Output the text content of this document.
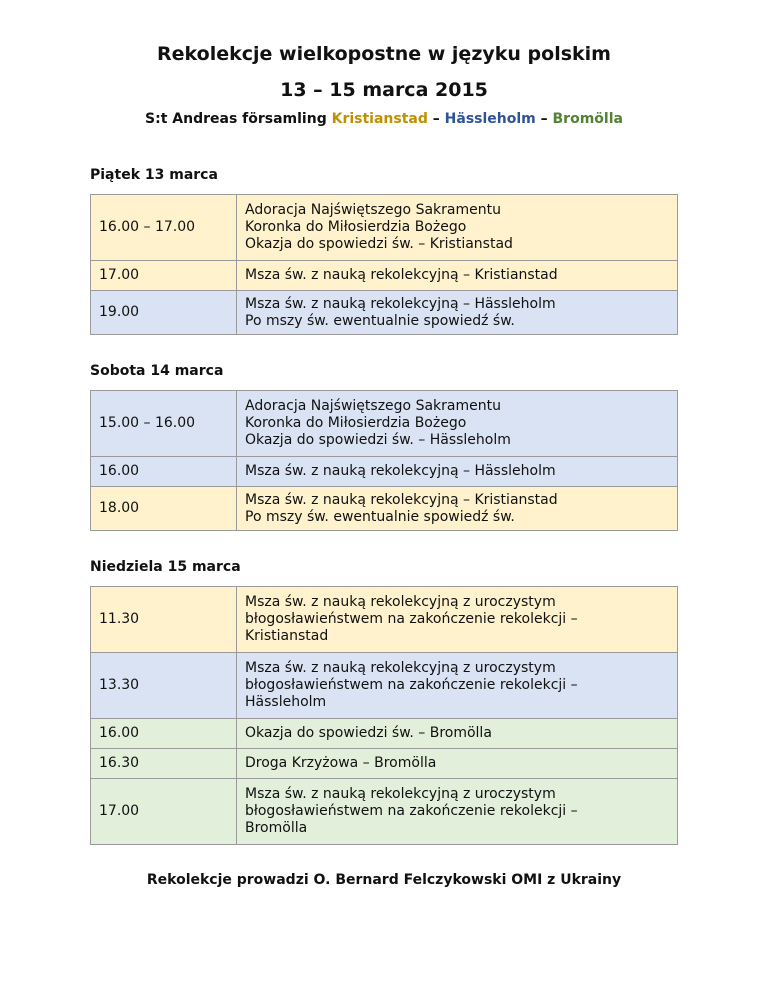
Rekolekcje wielkopostne w języku polskim
13 – 15 marca 2015
S:t Andreas församling Kristianstad – Hässleholm – Bromölla
Piątek 13 marca
16.00 – 17.00	Adoracja Najświętszego Sakramentu
Koronka do Miłosierdzia Bożego
Okazja do spowiedzi św. – Kristianstad

17.00	Msza św. z nauką rekolekcyjną – Kristianstad

19.00	Msza św. z nauką rekolekcyjną – Hässleholm
Po mszy św. ewentualnie spowiedź św.
Sobota 14 marca
15.00 – 16.00	Adoracja Najświętszego Sakramentu
Koronka do Miłosierdzia Bożego
Okazja do spowiedzi św. – Hässleholm

16.00	Msza św. z nauką rekolekcyjną – Hässleholm

18.00	Msza św. z nauką rekolekcyjną – Kristianstad
Po mszy św. ewentualnie spowiedź św.
Niedziela 15 marca
11.30	Msza św. z nauką rekolekcyjną z uroczystym
błogosławieństwem na zakończenie rekolekcji –
Kristianstad

13.30	Msza św. z nauką rekolekcyjną z uroczystym
błogosławieństwem na zakończenie rekolekcji –
Hässleholm

16.00	Okazja do spowiedzi św. – Bromölla

16.30	Droga Krzyżowa – Bromölla

17.00	Msza św. z nauką rekolekcyjną z uroczystym
błogosławieństwem na zakończenie rekolekcji –
Bromölla
Rekolekcje prowadzi O. Bernard Felczykowski OMI z Ukrainy
